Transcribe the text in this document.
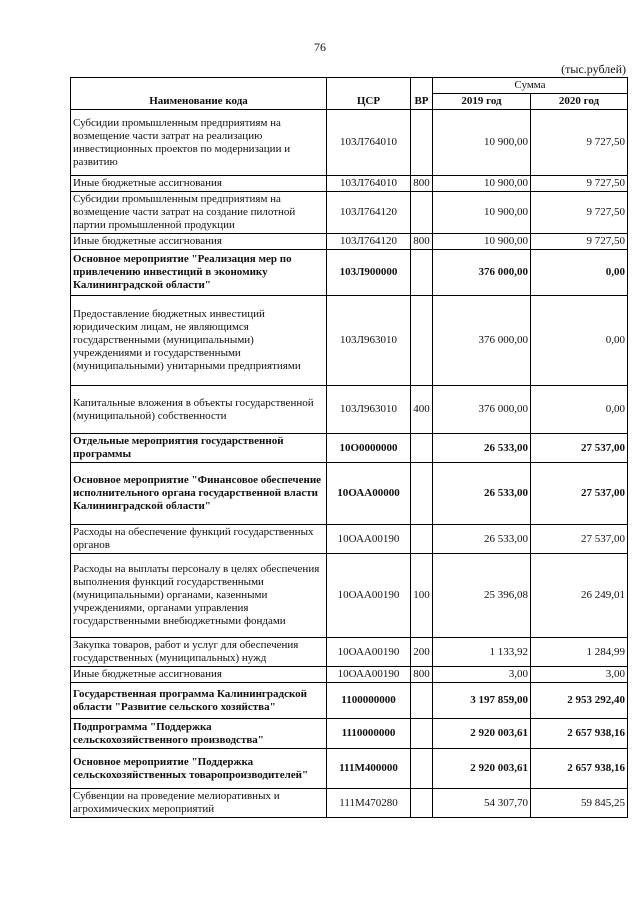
76
(тыс.рублей)
Наименование кода	ЦСР	ВР	Сумма	
			2019 год	2020 год
Субсидии промышленным предприятиям на возмещение части затрат на реализацию инвестиционных проектов по модернизации и развитию	103Л764010		10 900,00	9 727,50
Иные бюджетные ассигнования	103Л764010	800	10 900,00	9 727,50
Субсидии промышленным предприятиям на возмещение части затрат на создание пилотной партии промышленной продукции	103Л764120		10 900,00	9 727,50
Иные бюджетные ассигнования	103Л764120	800	10 900,00	9 727,50
Основное мероприятие "Реализация мер по привлечению инвестиций в экономику Калининградской области"	103Л900000		376 000,00	0,00
Предоставление бюджетных инвестиций юридическим лицам, не являющимся государственными (муниципальными) учреждениями и государственными (муниципальными) унитарными предприятиями	103Л963010		376 000,00	0,00
Капитальные вложения в объекты государственной (муниципальной) собственности	103Л963010	400	376 000,00	0,00
Отдельные мероприятия государственной программы	10О0000000		26 533,00	27 537,00
Основное мероприятие "Финансовое обеспечение исполнительного органа государственной власти Калининградской области"	10ОАА00000		26 533,00	27 537,00
Расходы на обеспечение функций государственных органов	10ОАА00190		26 533,00	27 537,00
Расходы на выплаты персоналу в целях обеспечения выполнения функций государственными (муниципальными) органами, казенными учреждениями, органами управления государственными внебюджетными фондами	10ОАА00190	100	25 396,08	26 249,01
Закупка товаров, работ и услуг для обеспечения государственных (муниципальных) нужд	10ОАА00190	200	1 133,92	1 284,99
Иные бюджетные ассигнования	10ОАА00190	800	3,00	3,00
Государственная программа Калининградской области "Развитие сельского хозяйства"	1100000000		3 197 859,00	2 953 292,40
Подпрограмма "Поддержка сельскохозяйственного производства"	1110000000		2 920 003,61	2 657 938,16
Основное мероприятие "Поддержка сельскохозяйственных товаропроизводителей"	111М400000		2 920 003,61	2 657 938,16
Субвенции на проведение мелиоративных и агрохимических мероприятий	111М470280		54 307,70	59 845,25
